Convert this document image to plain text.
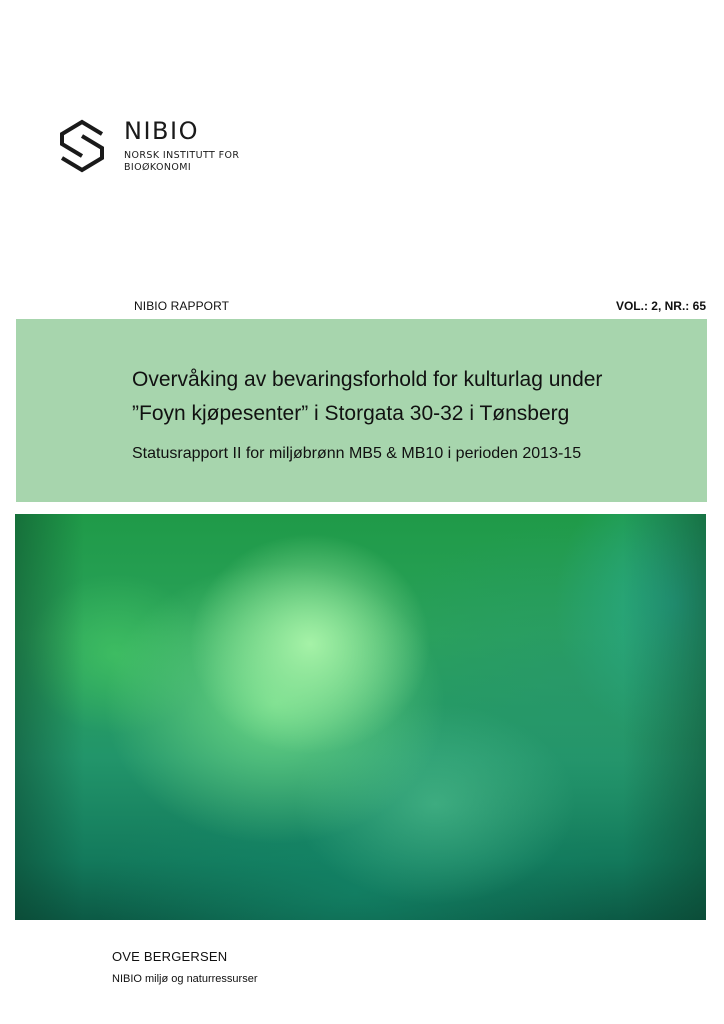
NIBIO
NORSK INSTITUTT FOR
BIOØKONOMI
NIBIO RAPPORT	VOL.: 2, NR.: 65
Overvåking av bevaringsforhold for kulturlag under
”Foyn kjøpesenter” i Storgata 30-32 i Tønsberg
Statusrapport II for miljøbrønn MB5 & MB10 i perioden 2013-15
OVE BERGERSEN
NIBIO miljø og naturressurser
